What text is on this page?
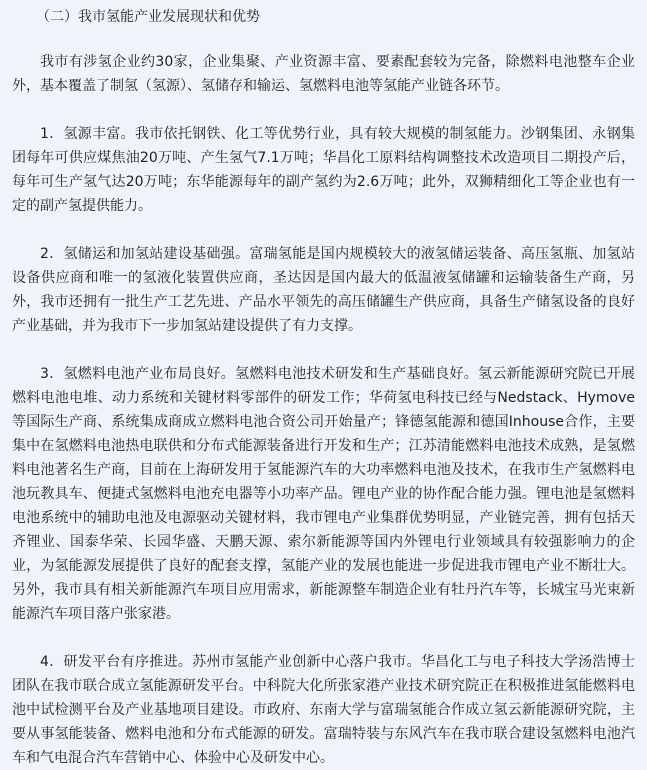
（二）我市氢能产业发展现状和优势

我市有涉氢企业约30家，企业集聚、产业资源丰富、要素配套较为完备，除燃料电池整车企业外，基本覆盖了制氢（氢源）、氢储存和输运、氢燃料电池等氢能产业链各环节。

1．氢源丰富。我市依托钢铁、化工等优势行业，具有较大规模的制氢能力。沙钢集团、永钢集团每年可供应煤焦油20万吨、产生氢气7.1万吨；华昌化工原料结构调整技术改造项目二期投产后，每年可生产氢气达20万吨；东华能源每年的副产氢约为2.6万吨；此外，双狮精细化工等企业也有一定的副产氢提供能力。

2．氢储运和加氢站建设基础强。富瑞氢能是国内规模较大的液氢储运装备、高压氢瓶、加氢站设备供应商和唯一的氢液化装置供应商，圣达因是国内最大的低温液氢储罐和运输装备生产商，另外，我市还拥有一批生产工艺先进、产品水平领先的高压储罐生产供应商，具备生产储氢设备的良好产业基础，并为我市下一步加氢站建设提供了有力支撑。

3．氢燃料电池产业布局良好。氢燃料电池技术研发和生产基础良好。氢云新能源研究院已开展燃料电池电堆、动力系统和关键材料零部件的研发工作；华荷氢电科技已经与Nedstack、Hymove等国际生产商、系统集成商成立燃料电池合资公司开始量产；锋德氢能源和德国Inhouse合作，主要集中在氢燃料电池热电联供和分布式能源装备进行开发和生产；江苏清能燃料电池技术成熟，是氢燃料电池著名生产商，目前在上海研发用于氢能源汽车的大功率燃料电池及技术，在我市生产氢燃料电池玩教具车、便捷式氢燃料电池充电器等小功率产品。锂电产业的协作配合能力强。锂电池是氢燃料电池系统中的辅助电池及电源驱动关键材料，我市锂电产业集群优势明显，产业链完善，拥有包括天齐锂业、国泰华荣、长园华盛、天鹏天源、索尔新能源等国内外锂电行业领域具有较强影响力的企业，为氢能源发展提供了良好的配套支撑，氢能产业的发展也能进一步促进我市锂电产业不断壮大。另外，我市具有相关新能源汽车项目应用需求，新能源整车制造企业有牡丹汽车等，长城宝马光束新能源汽车项目落户张家港。

4．研发平台有序推进。苏州市氢能产业创新中心落户我市。华昌化工与电子科技大学汤浩博士团队在我市联合成立氢能源研发平台。中科院大化所张家港产业技术研究院正在积极推进氢能燃料电池中试检测平台及产业基地项目建设。市政府、东南大学与富瑞氢能合作成立氢云新能源研究院，主要从事氢能装备、燃料电池和分布式能源的研发。富瑞特装与东风汽车在我市联合建设氢燃料电池汽车和气电混合汽车营销中心、体验中心及研发中心。
